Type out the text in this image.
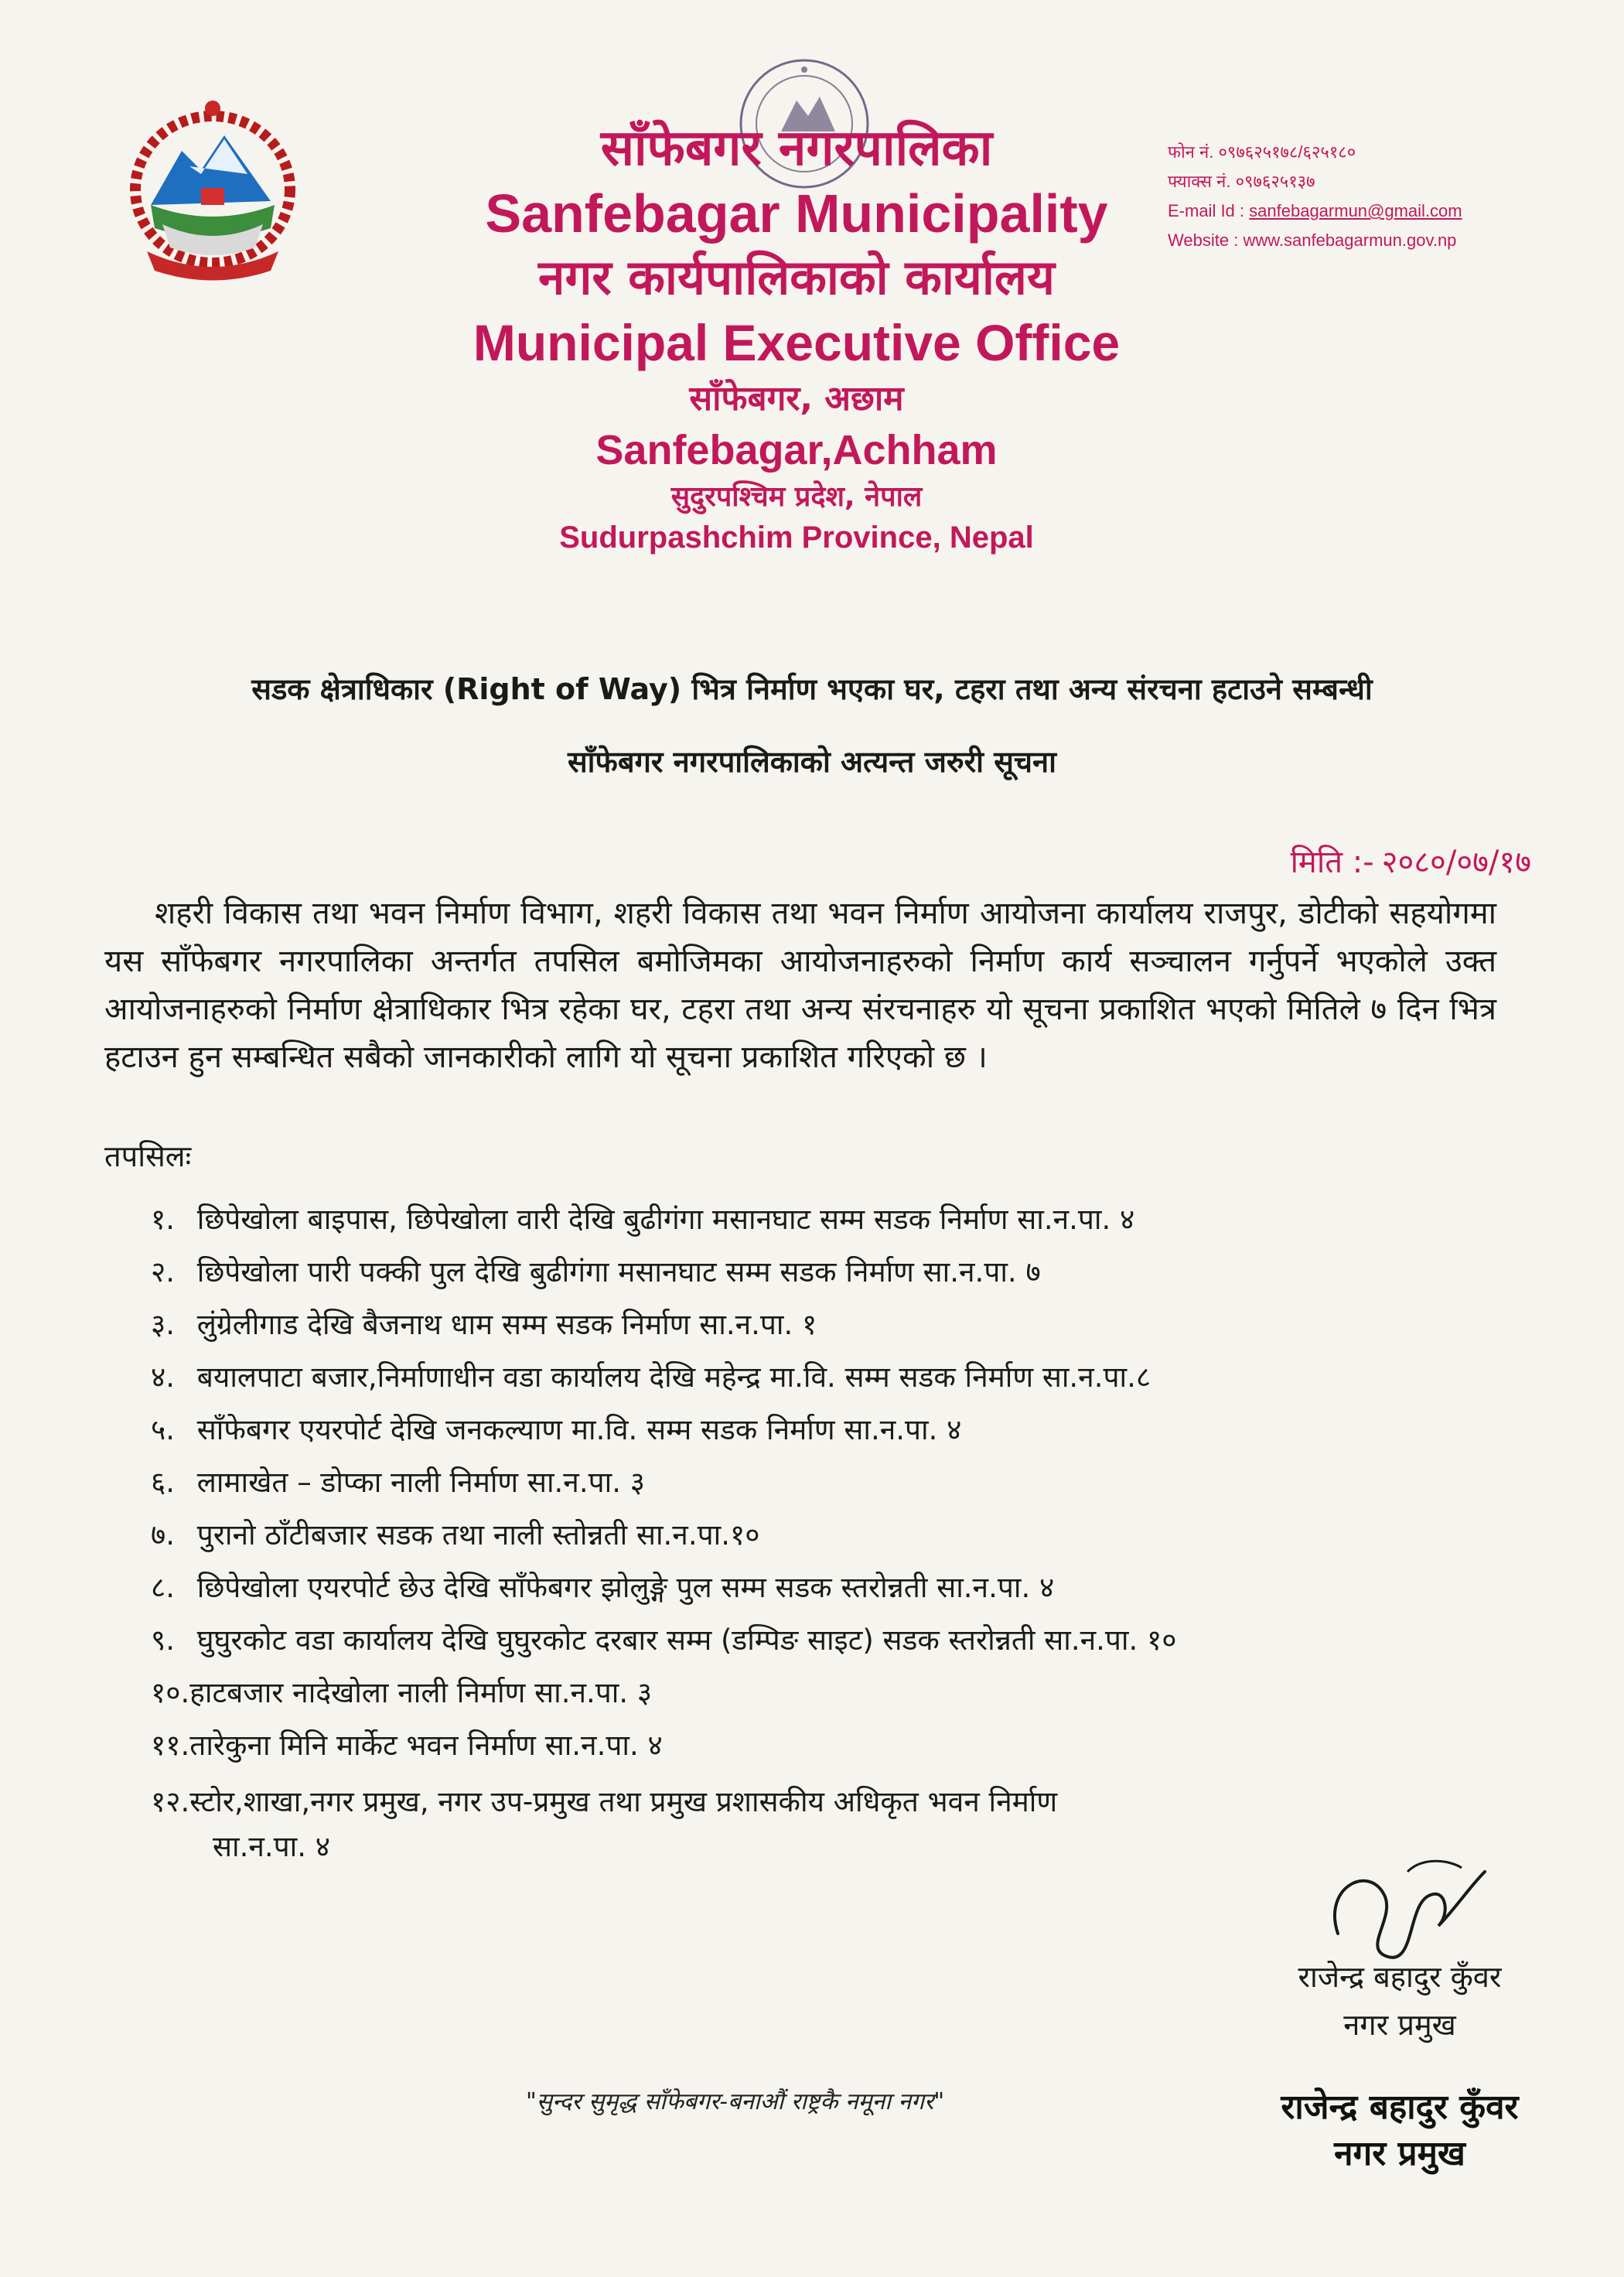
साँफेबगर नगरपालिका
Sanfebagar Municipality
नगर कार्यपालिकाको कार्यालय
Municipal Executive Office
साँफेबगर, अछाम
Sanfebagar,Achham
सुदुरपश्चिम प्रदेश, नेपाल
Sudurpashchim Province, Nepal
फोन नं. ०९७६२५१७८/६२५१८०
फ्याक्स नं. ०९७६२५१३७
E-mail Id : sanfebagarmun@gmail.com
Website : www.sanfebagarmun.gov.np
सडक क्षेत्राधिकार (Right of Way) भित्र निर्माण भएका घर, टहरा तथा अन्य संरचना हटाउने सम्बन्धी
साँफेबगर नगरपालिकाको अत्यन्त जरुरी सूचना
मिति :- २०८०/०७/१७
शहरी विकास तथा भवन निर्माण विभाग, शहरी विकास तथा भवन निर्माण आयोजना कार्यालय राजपुर, डोटीको सहयोगमा यस साँफेबगर नगरपालिका अन्तर्गत तपसिल बमोजिमका आयोजनाहरुको निर्माण कार्य सञ्चालन गर्नुपर्ने भएकोले उक्त आयोजनाहरुको निर्माण क्षेत्राधिकार भित्र रहेका घर, टहरा तथा अन्य संरचनाहरु यो सूचना प्रकाशित भएको मितिले ७ दिन भित्र हटाउन हुन सम्बन्धित सबैको जानकारीको लागि यो सूचना प्रकाशित गरिएको छ ।
तपसिलः
१. छिपेखोला बाइपास, छिपेखोला वारी देखि बुढीगंगा मसानघाट सम्म सडक निर्माण सा.न.पा. ४
२. छिपेखोला पारी पक्की पुल देखि बुढीगंगा मसानघाट सम्म सडक निर्माण सा.न.पा. ७
३. लुंग्रेलीगाड देखि बैजनाथ धाम सम्म सडक निर्माण सा.न.पा. १
४. बयालपाटा बजार,निर्माणाधीन वडा कार्यालय देखि महेन्द्र मा.वि. सम्म सडक निर्माण सा.न.पा.८
५. साँफेबगर एयरपोर्ट देखि जनकल्याण मा.वि. सम्म सडक निर्माण सा.न.पा. ४
६. लामाखेत – डोप्का नाली निर्माण सा.न.पा. ३
७. पुरानो ठाँटीबजार सडक तथा नाली स्तोन्नती सा.न.पा.१०
८. छिपेखोला एयरपोर्ट छेउ देखि साँफेबगर झोलुङ्गे पुल सम्म सडक स्तरोन्नती सा.न.पा. ४
९. घुघुरकोट वडा कार्यालय देखि घुघुरकोट दरबार सम्म (डम्पिङ साइट) सडक स्तरोन्नती सा.न.पा. १०
१०.हाटबजार नादेखोला नाली निर्माण सा.न.पा. ३
११.तारेकुना मिनि मार्केट भवन निर्माण सा.न.पा. ४
१२.स्टोर,शाखा,नगर प्रमुख, नगर उप-प्रमुख तथा प्रमुख प्रशासकीय अधिकृत भवन निर्माण
सा.न.पा. ४
राजेन्द्र बहादुर कुँवर
नगर प्रमुख
"सुन्दर सुमृद्ध साँफेबगर-बनाऔं राष्ट्रकै नमूना नगर"	राजेन्द्र बहादुर कुँवर
नगर प्रमुख
